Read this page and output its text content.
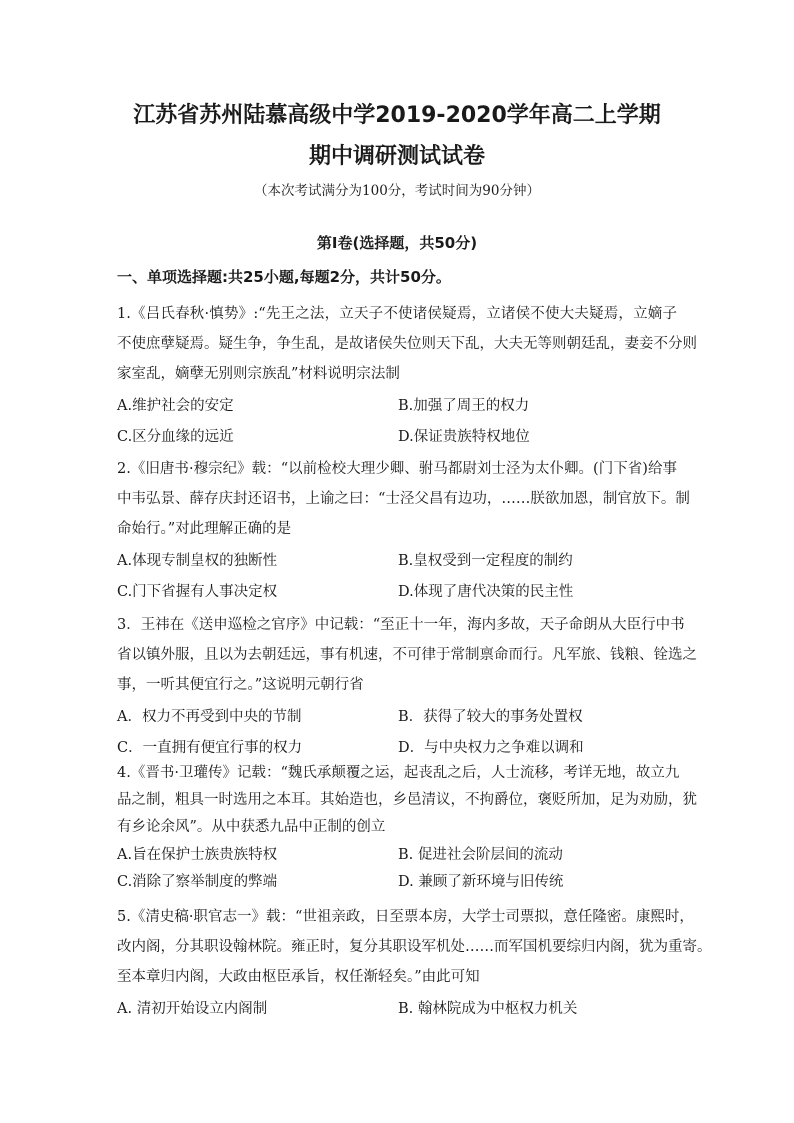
江苏省苏州陆慕高级中学2019-2020学年高二上学期
期中调研测试试卷
（本次考试满分为100分，考试时间为90分钟）
第Ⅰ卷(选择题，共50分)
一、单项选择题:共25小题,每题2分，共计50分。
1.《吕氏春秋·慎势》:“先王之法，立天子不使诸侯疑焉，立诸侯不使大夫疑焉，立嫡子
不使庶孽疑焉。疑生争，争生乱，是故诸侯失位则天下乱，大夫无等则朝廷乱，妻妾不分则
家室乱，嫡孽无别则宗族乱”材料说明宗法制
A.维护社会的安定	B.加强了周王的权力
C.区分血缘的远近	D.保证贵族特权地位
2.《旧唐书·穆宗纪》载：“以前检校大理少卿、驸马都尉刘士泾为太仆卿。(门下省)给事
中韦弘景、薛存庆封还诏书，上谕之曰：“士泾父昌有边功，……朕欲加恩，制官放下。制
命始行。”对此理解正确的是
A.体现专制皇权的独断性	B.皇权受到一定程度的制约
C.门下省握有人事决定权	D.体现了唐代决策的民主性
3．王祎在《送申巡检之官序》中记载：“至正十一年，海内多故，天子命朗从大臣行中书
省以镇外服，且以为去朝廷远，事有机速，不可律于常制禀命而行。凡军旅、钱粮、铨选之
事，一听其便宜行之。”这说明元朝行省
A．权力不再受到中央的节制	B．获得了较大的事务处置权
C．一直拥有便宜行事的权力	D．与中央权力之争难以调和
4.《晋书·卫瓘传》记载：“魏氏承颠覆之运，起丧乱之后，人士流移，考详无地，故立九
品之制，粗具一时选用之本耳。其始造也，乡邑清议，不拘爵位，褒贬所加，足为劝励，犹
有乡论余风”。从中获悉九品中正制的创立
A.旨在保护士族贵族特权	B. 促进社会阶层间的流动
C.消除了察举制度的弊端	D. 兼顾了新环境与旧传统
5.《清史稿·职官志一》载：“世祖亲政，日至票本房，大学士司票拟，意任隆密。康熙时，
改内阁，分其职设翰林院。雍正时，复分其职设军机处……而军国机要综归内阁，犹为重寄。
至本章归内阁，大政由枢臣承旨，权任渐轻矣。”由此可知
A. 清初开始设立内阁制	B. 翰林院成为中枢权力机关
